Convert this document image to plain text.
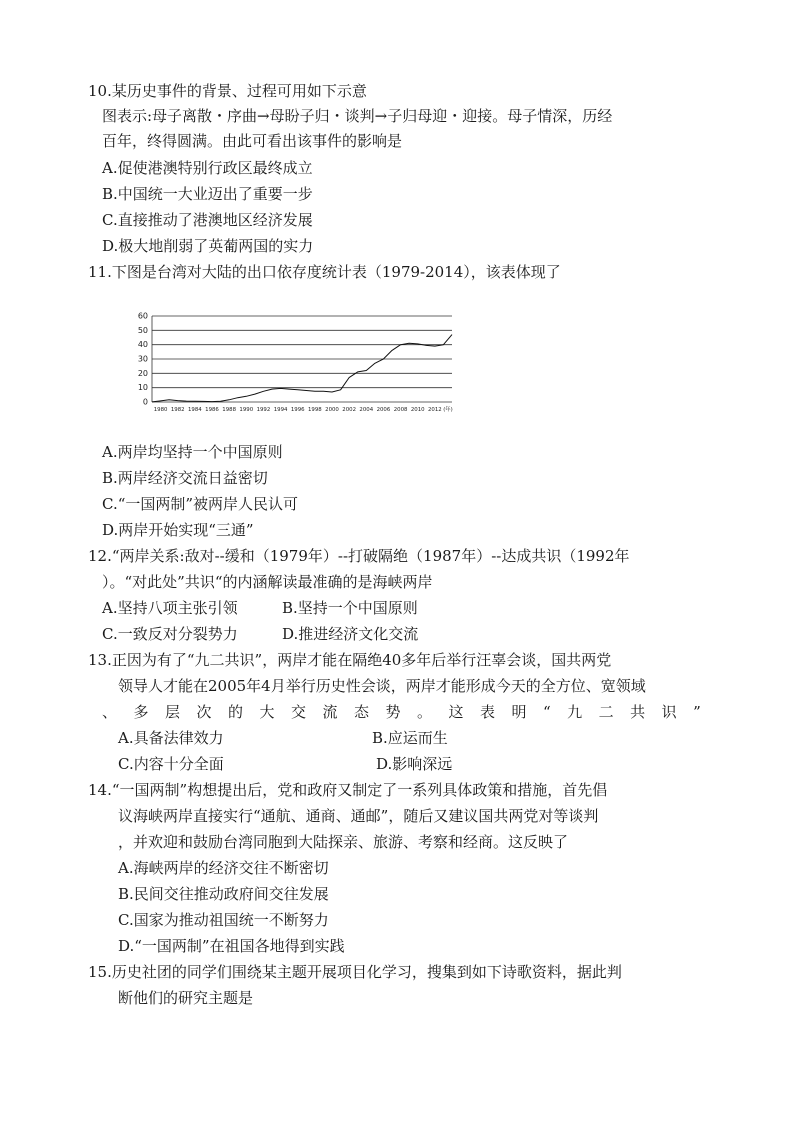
10.某历史事件的背景、过程可用如下示意
图表示:母子离散・序曲→母盼子归・谈判→子归母迎・迎接。母子情深，历经
百年，终得圆满。由此可看出该事件的影响是
A.促使港澳特别行政区最终成立
B.中国统一大业迈出了重要一步
C.直接推动了港澳地区经济发展
D.极大地削弱了英葡两国的实力
11.下图是台湾对大陆的出口依存度统计表（1979-2014），该表体现了
0
10
20
30
40
50
60
1980 1982 1984 1986 1988 1990 1992 1994 1996 1998 2000 2002 2004 2006 2008 2010 2012 (年)
A.两岸均坚持一个中国原则
B.两岸经济交流日益密切
C.“一国两制”被两岸人民认可
D.两岸开始实现“三通”
12.“两岸关系:敌对--缓和（1979年）--打破隔绝（1987年）--达成共识（1992年
）。“对此处”共识“的内涵解读最准确的是海峡两岸
A.坚持八项主张引领	B.坚持一个中国原则
C.一致反对分裂势力	D.推进经济文化交流
13.正因为有了“九二共识”，两岸才能在隔绝40多年后举行汪辜会谈，国共两党
领导人才能在2005年4月举行历史性会谈，两岸才能形成今天的全方位、宽领域
、多层次的大交流态势。这表明“九二共识”
A.具备法律效力	B.应运而生
C.内容十分全面	D.影响深远
14.“一国两制”构想提出后，党和政府又制定了一系列具体政策和措施，首先倡
议海峡两岸直接实行“通航、通商、通邮”，随后又建议国共两党对等谈判
，并欢迎和鼓励台湾同胞到大陆探亲、旅游、考察和经商。这反映了
A.海峡两岸的经济交往不断密切
B.民间交往推动政府间交往发展
C.国家为推动祖国统一不断努力
D.“一国两制”在祖国各地得到实践
15.历史社团的同学们围绕某主题开展项目化学习，搜集到如下诗歌资料，据此判
断他们的研究主题是
